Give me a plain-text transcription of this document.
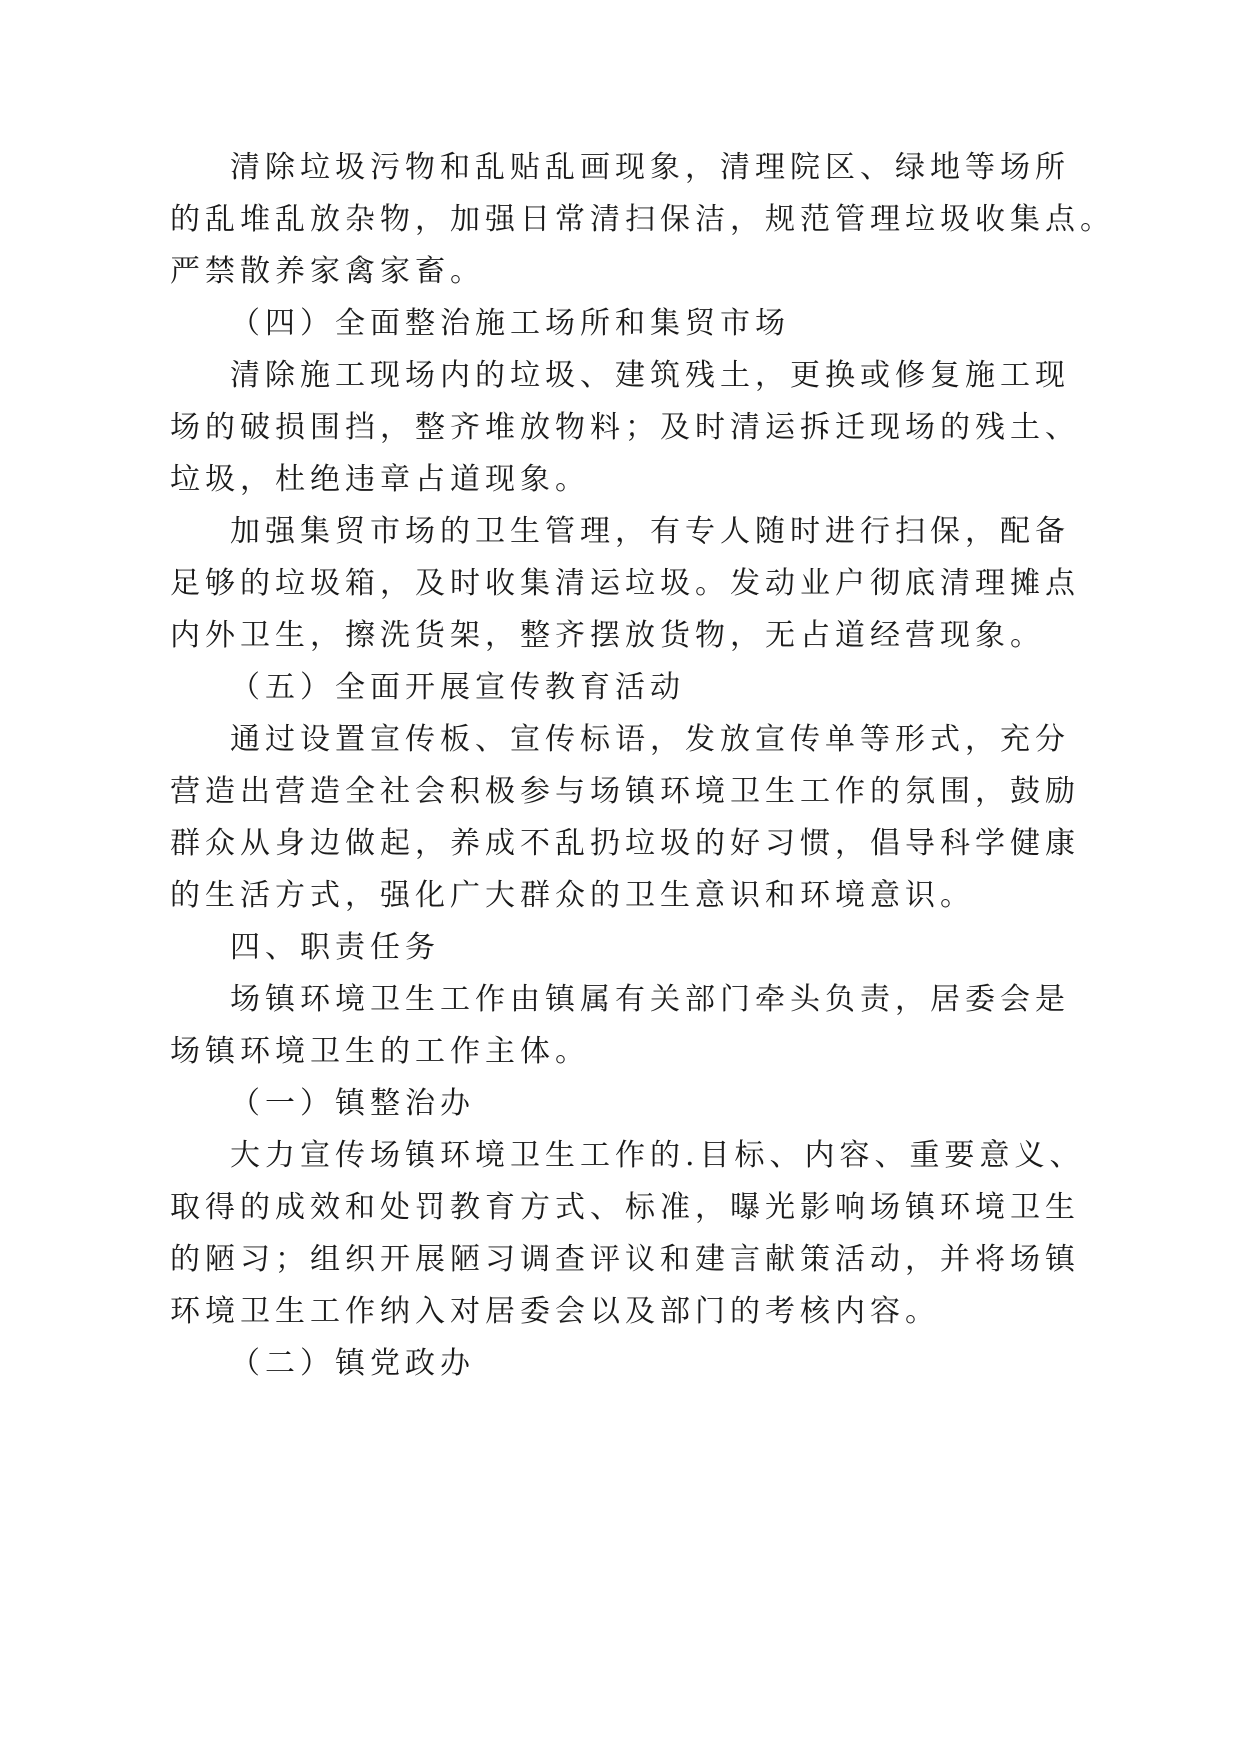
清除垃圾污物和乱贴乱画现象，清理院区、绿地等场所
的乱堆乱放杂物，加强日常清扫保洁，规范管理垃圾收集点。
严禁散养家禽家畜。
（四）全面整治施工场所和集贸市场
清除施工现场内的垃圾、建筑残土，更换或修复施工现
场的破损围挡，整齐堆放物料；及时清运拆迁现场的残土、
垃圾，杜绝违章占道现象。
加强集贸市场的卫生管理，有专人随时进行扫保，配备
足够的垃圾箱，及时收集清运垃圾。发动业户彻底清理摊点
内外卫生，擦洗货架，整齐摆放货物，无占道经营现象。
（五）全面开展宣传教育活动
通过设置宣传板、宣传标语，发放宣传单等形式，充分
营造出营造全社会积极参与场镇环境卫生工作的氛围，鼓励
群众从身边做起，养成不乱扔垃圾的好习惯，倡导科学健康
的生活方式，强化广大群众的卫生意识和环境意识。
四、职责任务
场镇环境卫生工作由镇属有关部门牵头负责，居委会是
场镇环境卫生的工作主体。
（一）镇整治办
大力宣传场镇环境卫生工作的.目标、内容、重要意义、
取得的成效和处罚教育方式、标准，曝光影响场镇环境卫生
的陋习；组织开展陋习调查评议和建言献策活动，并将场镇
环境卫生工作纳入对居委会以及部门的考核内容。
（二）镇党政办
